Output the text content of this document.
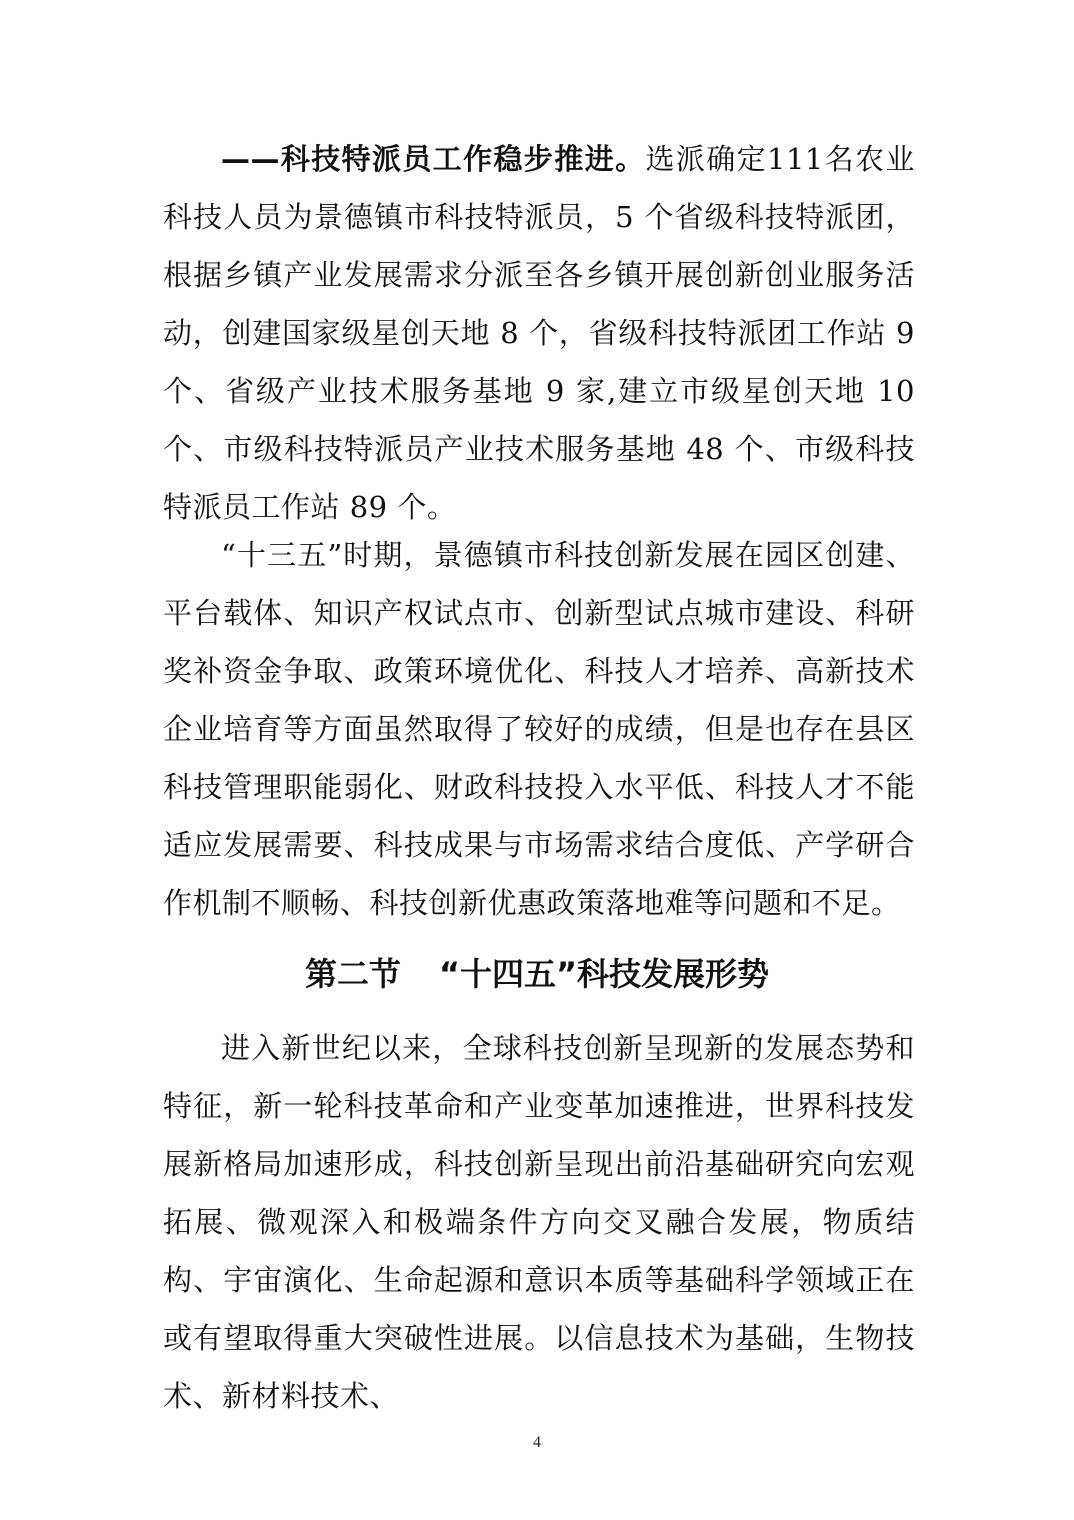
——科技特派员工作稳步推进。选派确定111名农业科技人员为景德镇市科技特派员，5 个省级科技特派团，根据乡镇产业发展需求分派至各乡镇开展创新创业服务活动，创建国家级星创天地 8 个，省级科技特派团工作站 9 个、省级产业技术服务基地 9 家,建立市级星创天地 10 个、市级科技特派员产业技术服务基地 48 个、市级科技特派员工作站 89 个。

“十三五”时期，景德镇市科技创新发展在园区创建、平台载体、知识产权试点市、创新型试点城市建设、科研奖补资金争取、政策环境优化、科技人才培养、高新技术企业培育等方面虽然取得了较好的成绩，但是也存在县区科技管理职能弱化、财政科技投入水平低、科技人才不能适应发展需要、科技成果与市场需求结合度低、产学研合作机制不顺畅、科技创新优惠政策落地难等问题和不足。

第二节 “十四五”科技发展形势

进入新世纪以来，全球科技创新呈现新的发展态势和特征，新一轮科技革命和产业变革加速推进，世界科技发展新格局加速形成，科技创新呈现出前沿基础研究向宏观拓展、微观深入和极端条件方向交叉融合发展，物质结构、宇宙演化、生命起源和意识本质等基础科学领域正在或有望取得重大突破性进展。以信息技术为基础，生物技术、新材料技术、

4
